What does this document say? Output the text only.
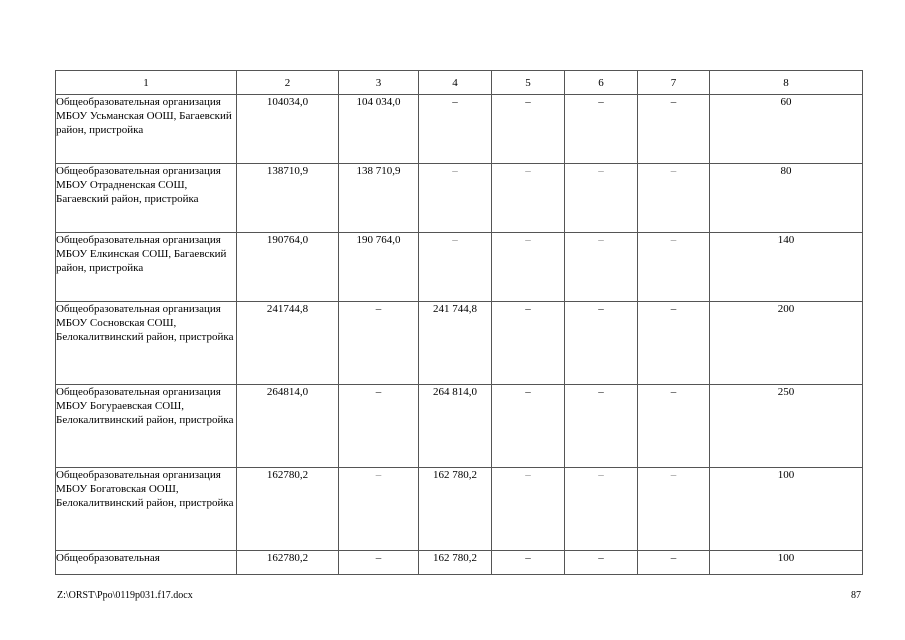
1	2	3	4	5	6	7	8
Общеобразовательная организация МБОУ Усьманская ООШ, Багаевский район, пристройка	104034,0	104 034,0	–	–	–	–	60
Общеобразовательная организация МБОУ Отрадненская СОШ, Багаевский район, пристройка	138710,9	138 710,9	–	–	–	–	80
Общеобразовательная организация МБОУ Елкинская СОШ, Багаевский район, пристройка	190764,0	190 764,0	–	–	–	–	140
Общеобразовательная организация МБОУ Сосновская СОШ, Белокалитвинский район, пристройка	241744,8	–	241 744,8	–	–	–	200
Общеобразовательная организация МБОУ Богураевская СОШ, Белокалитвинский район, пристройка	264814,0	–	264 814,0	–	–	–	250
Общеобразовательная организация МБОУ Богатовская ООШ, Белокалитвинский район, пристройка	162780,2	–	162 780,2	–	–	–	100
Общеобразовательная	162780,2	–	162 780,2	–	–	–	100
Z:\ORST\Ppo\0119p031.f17.docx	87
